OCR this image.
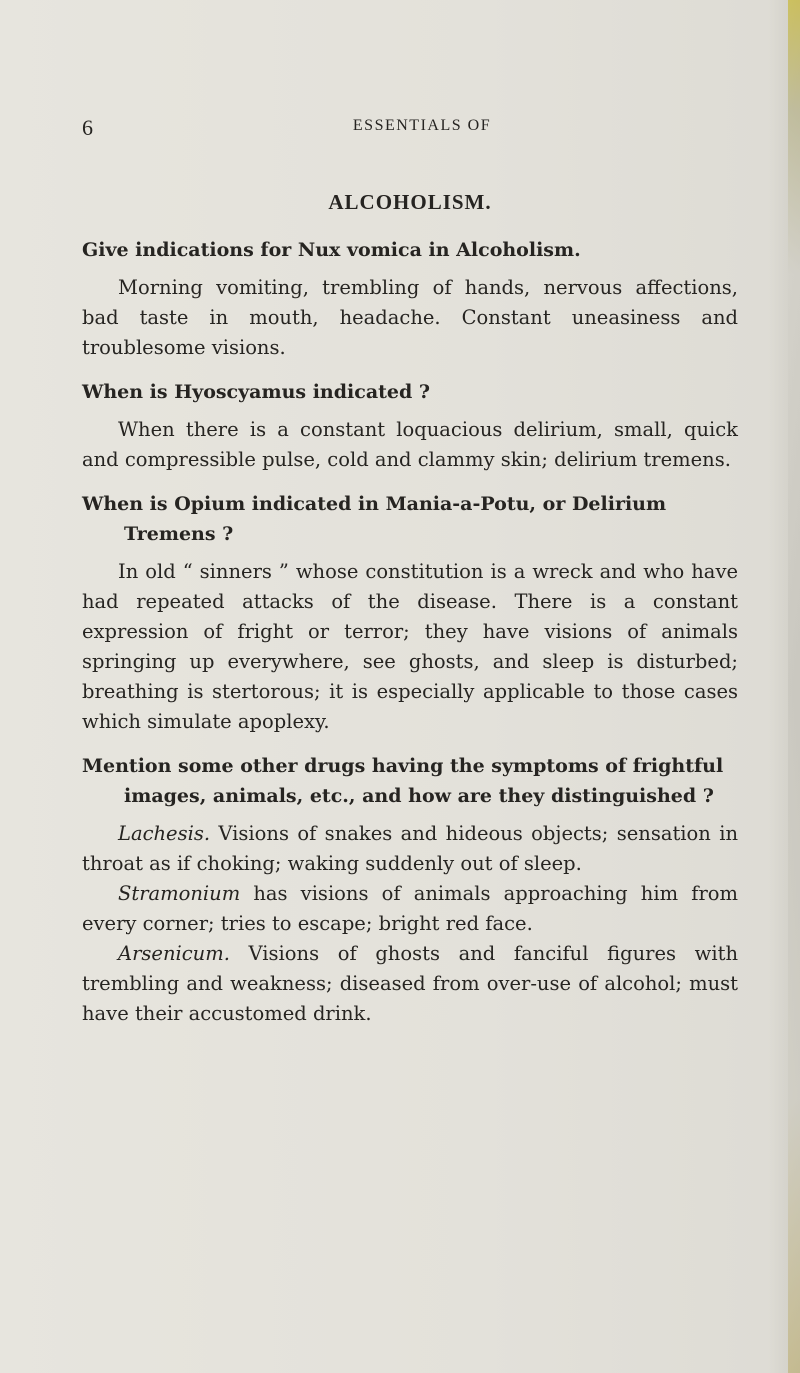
6	ESSENTIALS OF
ALCOHOLISM.

Give indications for Nux vomica in Alcoholism.

Morning vomiting, trembling of hands, nervous affections, bad taste in mouth, headache. Constant uneasiness and troublesome visions.

When is Hyoscyamus indicated ?

When there is a constant loquacious delirium, small, quick and compressible pulse, cold and clammy skin; delirium tremens.

When is Opium indicated in Mania-a-Potu, or Delirium Tremens ?

In old “ sinners ” whose constitution is a wreck and who have had repeated attacks of the disease. There is a constant expression of fright or terror; they have visions of animals springing up everywhere, see ghosts, and sleep is disturbed; breathing is stertorous; it is especially applicable to those cases which simulate apoplexy.

Mention some other drugs having the symptoms of frightful images, animals, etc., and how are they distinguished ?

Lachesis. Visions of snakes and hideous objects; sensation in throat as if choking; waking suddenly out of sleep.

Stramonium has visions of animals approaching him from every corner; tries to escape; bright red face.

Arsenicum. Visions of ghosts and fanciful figures with trembling and weakness; diseased from over-use of alcohol; must have their accustomed drink.
